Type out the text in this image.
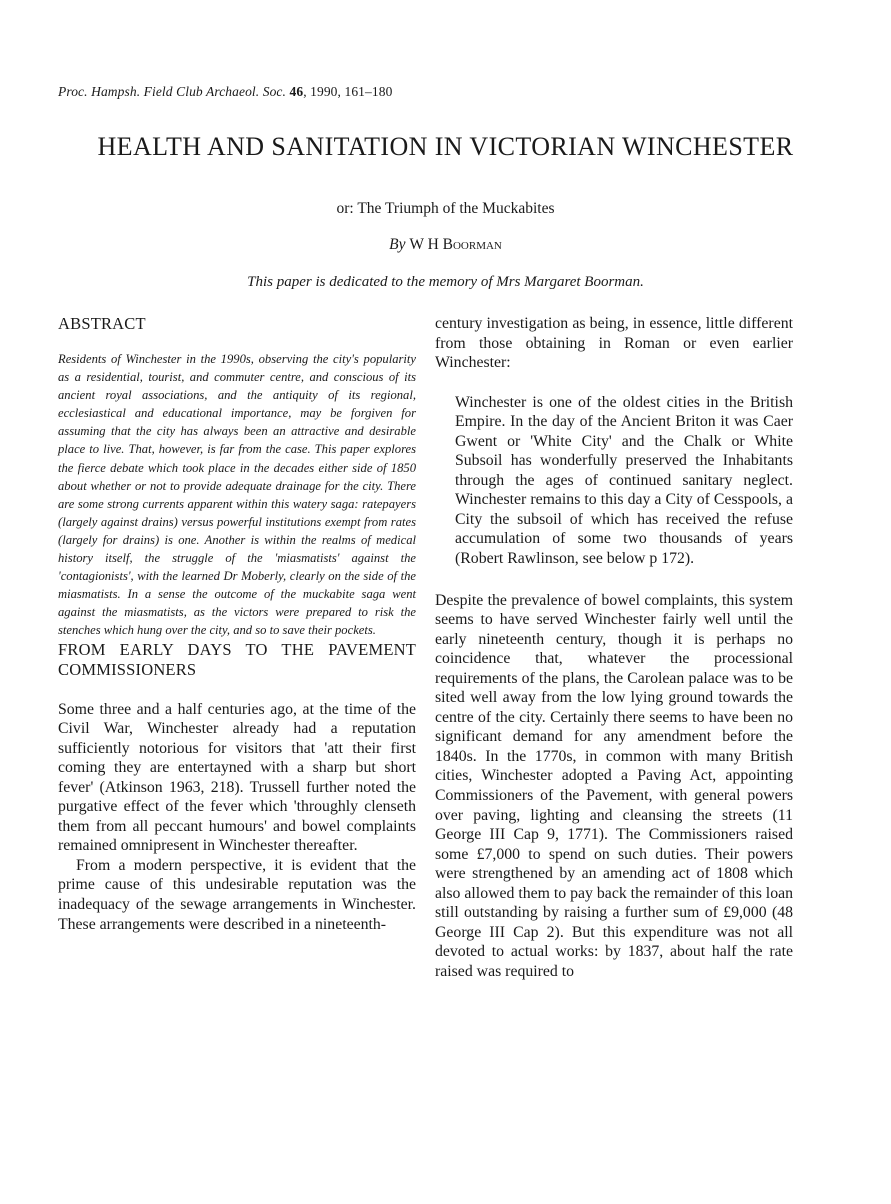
Proc. Hampsh. Field Club Archaeol. Soc. 46, 1990, 161–180
HEALTH AND SANITATION IN VICTORIAN WINCHESTER
or: The Triumph of the Muckabites
By W H Boorman
This paper is dedicated to the memory of Mrs Margaret Boorman.
ABSTRACT

Residents of Winchester in the 1990s, observing the city's popularity as a residential, tourist, and commuter centre, and conscious of its ancient royal associations, and the antiquity of its regional, ecclesiastical and educational importance, may be forgiven for assuming that the city has always been an attractive and desirable place to live. That, however, is far from the case. This paper explores the fierce debate which took place in the decades either side of 1850 about whether or not to provide adequate drainage for the city. There are some strong currents apparent within this watery saga: ratepayers (largely against drains) versus powerful institutions exempt from rates (largely for drains) is one. Another is within the realms of medical history itself, the struggle of the 'miasmatists' against the 'contagionists', with the learned Dr Moberly, clearly on the side of the miasmatists. In a sense the outcome of the muckabite saga went against the miasmatists, as the victors were prepared to risk the stenches which hung over the city, and so to save their pockets.

FROM EARLY DAYS TO THE PAVEMENT COMMISSIONERS

Some three and a half centuries ago, at the time of the Civil War, Winchester already had a reputation sufficiently notorious for visitors that 'att their first coming they are entertayned with a sharp but short fever' (Atkinson 1963, 218). Trussell further noted the purgative effect of the fever which 'throughly clenseth them from all peccant humours' and bowel complaints remained omnipresent in Winchester thereafter.

From a modern perspective, it is evident that the prime cause of this undesirable reputation was the inadequacy of the sewage arrangements in Winchester. These arrangements were described in a nineteenth-

century investigation as being, in essence, little different from those obtaining in Roman or even earlier Winchester:

Winchester is one of the oldest cities in the British Empire. In the day of the Ancient Briton it was Caer Gwent or 'White City' and the Chalk or White Subsoil has wonderfully preserved the Inhabitants through the ages of continued sanitary neglect. Winchester remains to this day a City of Cesspools, a City the subsoil of which has received the refuse accumulation of some two thousands of years (Robert Rawlinson, see below p 172).

Despite the prevalence of bowel complaints, this system seems to have served Winchester fairly well until the early nineteenth century, though it is perhaps no coincidence that, whatever the processional requirements of the plans, the Carolean palace was to be sited well away from the low lying ground towards the centre of the city. Certainly there seems to have been no significant demand for any amendment before the 1840s. In the 1770s, in common with many British cities, Winchester adopted a Paving Act, appointing Commissioners of the Pavement, with general powers over paving, lighting and cleansing the streets (11 George III Cap 9, 1771). The Commissioners raised some £7,000 to spend on such duties. Their powers were strengthened by an amending act of 1808 which also allowed them to pay back the remainder of this loan still outstanding by raising a further sum of £9,000 (48 George III Cap 2). But this expenditure was not all devoted to actual works: by 1837, about half the rate raised was required to
